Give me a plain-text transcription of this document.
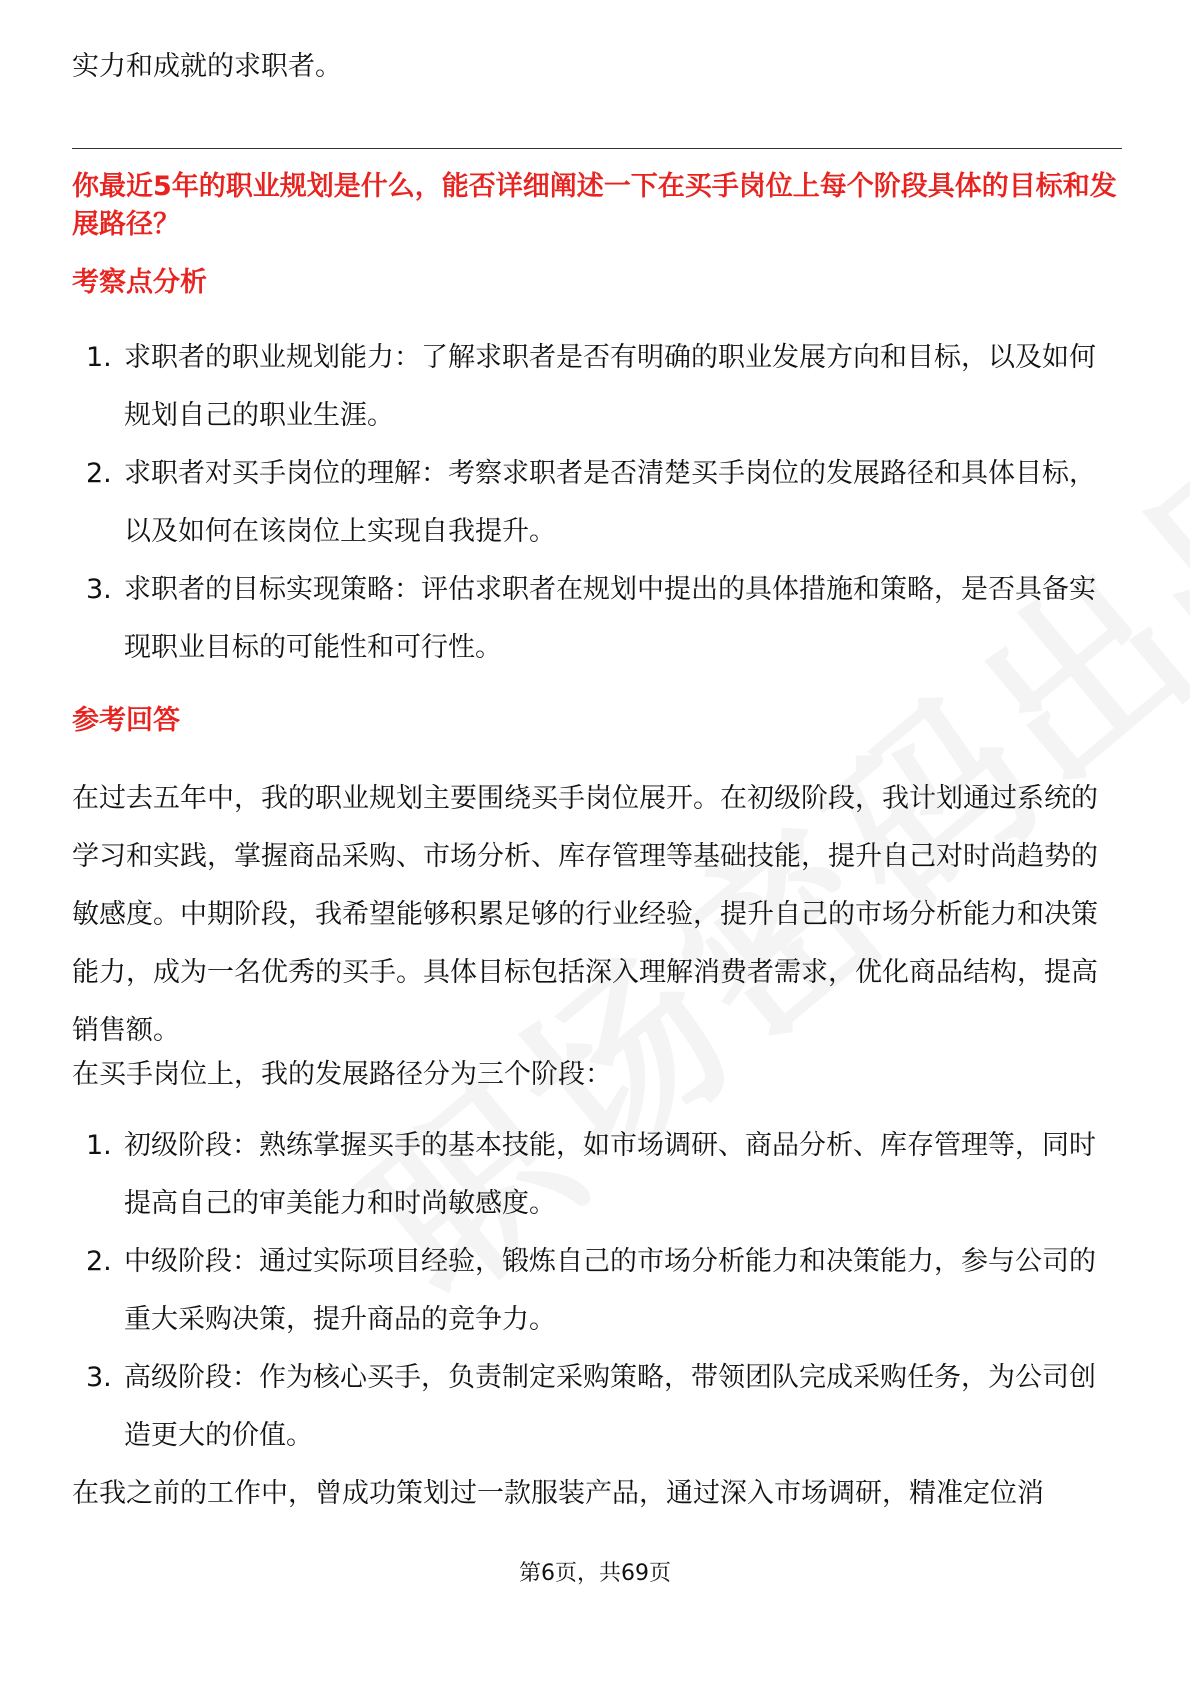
实力和成就的求职者。

你最近5年的职业规划是什么，能否详细阐述一下在买手岗位上每个阶段具体的目标和发展路径？

考察点分析

1. 求职者的职业规划能力：了解求职者是否有明确的职业发展方向和目标，以及如何规划自己的职业生涯。
2. 求职者对买手岗位的理解：考察求职者是否清楚买手岗位的发展路径和具体目标，以及如何在该岗位上实现自我提升。
3. 求职者的目标实现策略：评估求职者在规划中提出的具体措施和策略，是否具备实现职业目标的可能性和可行性。

参考回答

在过去五年中，我的职业规划主要围绕买手岗位展开。在初级阶段，我计划通过系统的学习和实践，掌握商品采购、市场分析、库存管理等基础技能，提升自己对时尚趋势的敏感度。中期阶段，我希望能够积累足够的行业经验，提升自己的市场分析能力和决策能力，成为一名优秀的买手。具体目标包括深入理解消费者需求，优化商品结构，提高销售额。

在买手岗位上，我的发展路径分为三个阶段：

1. 初级阶段：熟练掌握买手的基本技能，如市场调研、商品分析、库存管理等，同时提高自己的审美能力和时尚敏感度。
2. 中级阶段：通过实际项目经验，锻炼自己的市场分析能力和决策能力，参与公司的重大采购决策，提升商品的竞争力。
3. 高级阶段：作为核心买手，负责制定采购策略，带领团队完成采购任务，为公司创造更大的价值。

在我之前的工作中，曾成功策划过一款服装产品，通过深入市场调研，精准定位消

第6页，共69页
